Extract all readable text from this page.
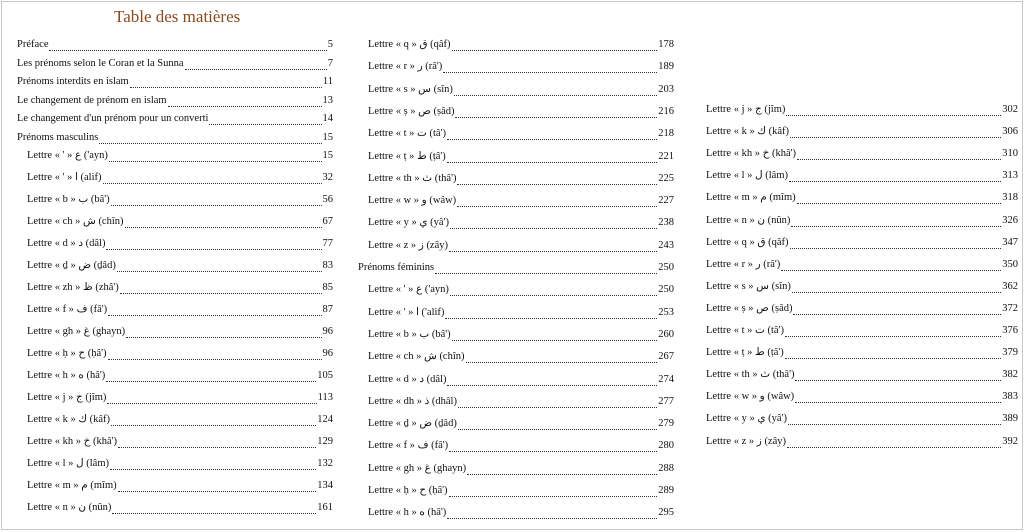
Table des matières
Préface	5
Les prénoms selon le Coran et la Sunna	7
Prénoms interdits en islam	11
Le changement de prénom en islam	13
Le changement d'un prénom pour un converti	14
Prénoms masculins	15
Lettre « ' » ع ('ayn)	15
Lettre « ' » ا (alif)	32
Lettre « b » ب (bâ')	56
Lettre « ch » ش (chîn)	67
Lettre « d » د (dâl)	77
Lettre « ḏ » ض (ḏâd)	83
Lettre « zh » ظ (zhâ')	85
Lettre « f » ف (fâ')	87
Lettre « gh » غ (ghayn)	96
Lettre « ḥ » ح (ḥâ')	96
Lettre « h » ه (hâ')	105
Lettre « j » ج (jîm)	113
Lettre « k » ك (kâf)	124
Lettre « kh » خ (khâ')	129
Lettre « l » ل (lâm)	132
Lettre « m » م (mîm)	134
Lettre « n » ن (nûn)	161
Lettre « q » ق (qâf)	178
Lettre « r » ر (râ')	189
Lettre « s » س (sîn)	203
Lettre « ṣ » ص (ṣâd)	216
Lettre « t » ت (tâ')	218
Lettre « ṭ » ط (ṭâ')	221
Lettre « th » ث (thâ')	225
Lettre « w » و (wâw)	227
Lettre « y » ي (yâ')	238
Lettre « z » ز (zây)	243
Prénoms féminins	250
Lettre « ' » ع ('ayn)	250
Lettre « ' » ا ('alif)	253
Lettre « b » ب (bâ')	260
Lettre « ch » ش (chîn)	267
Lettre « d » د (dâl)	274
Lettre « dh » ذ (dhâl)	277
Lettre « ḏ » ض (ḏâd)	279
Lettre « f » ف (fâ')	280
Lettre « gh » غ (ghayn)	288
Lettre « ḥ » ح (ḥâ')	289
Lettre « h » ه (hâ')	295
Lettre « j » ج (jîm)	302
Lettre « k » ك (kâf)	306
Lettre « kh » خ (khâ')	310
Lettre « l » ل (lâm)	313
Lettre « m » م (mîm)	318
Lettre « n » ن (nûn)	326
Lettre « q » ق (qâf)	347
Lettre « r » ر (râ')	350
Lettre « s » س (sîn)	362
Lettre « ṣ » ص (ṣâd)	372
Lettre « t » ت (tâ')	376
Lettre « ṭ » ط (ṭâ')	379
Lettre « th » ث (thâ')	382
Lettre « w » و (wâw)	383
Lettre « y » ي (yâ')	389
Lettre « z » ز (zây)	392
